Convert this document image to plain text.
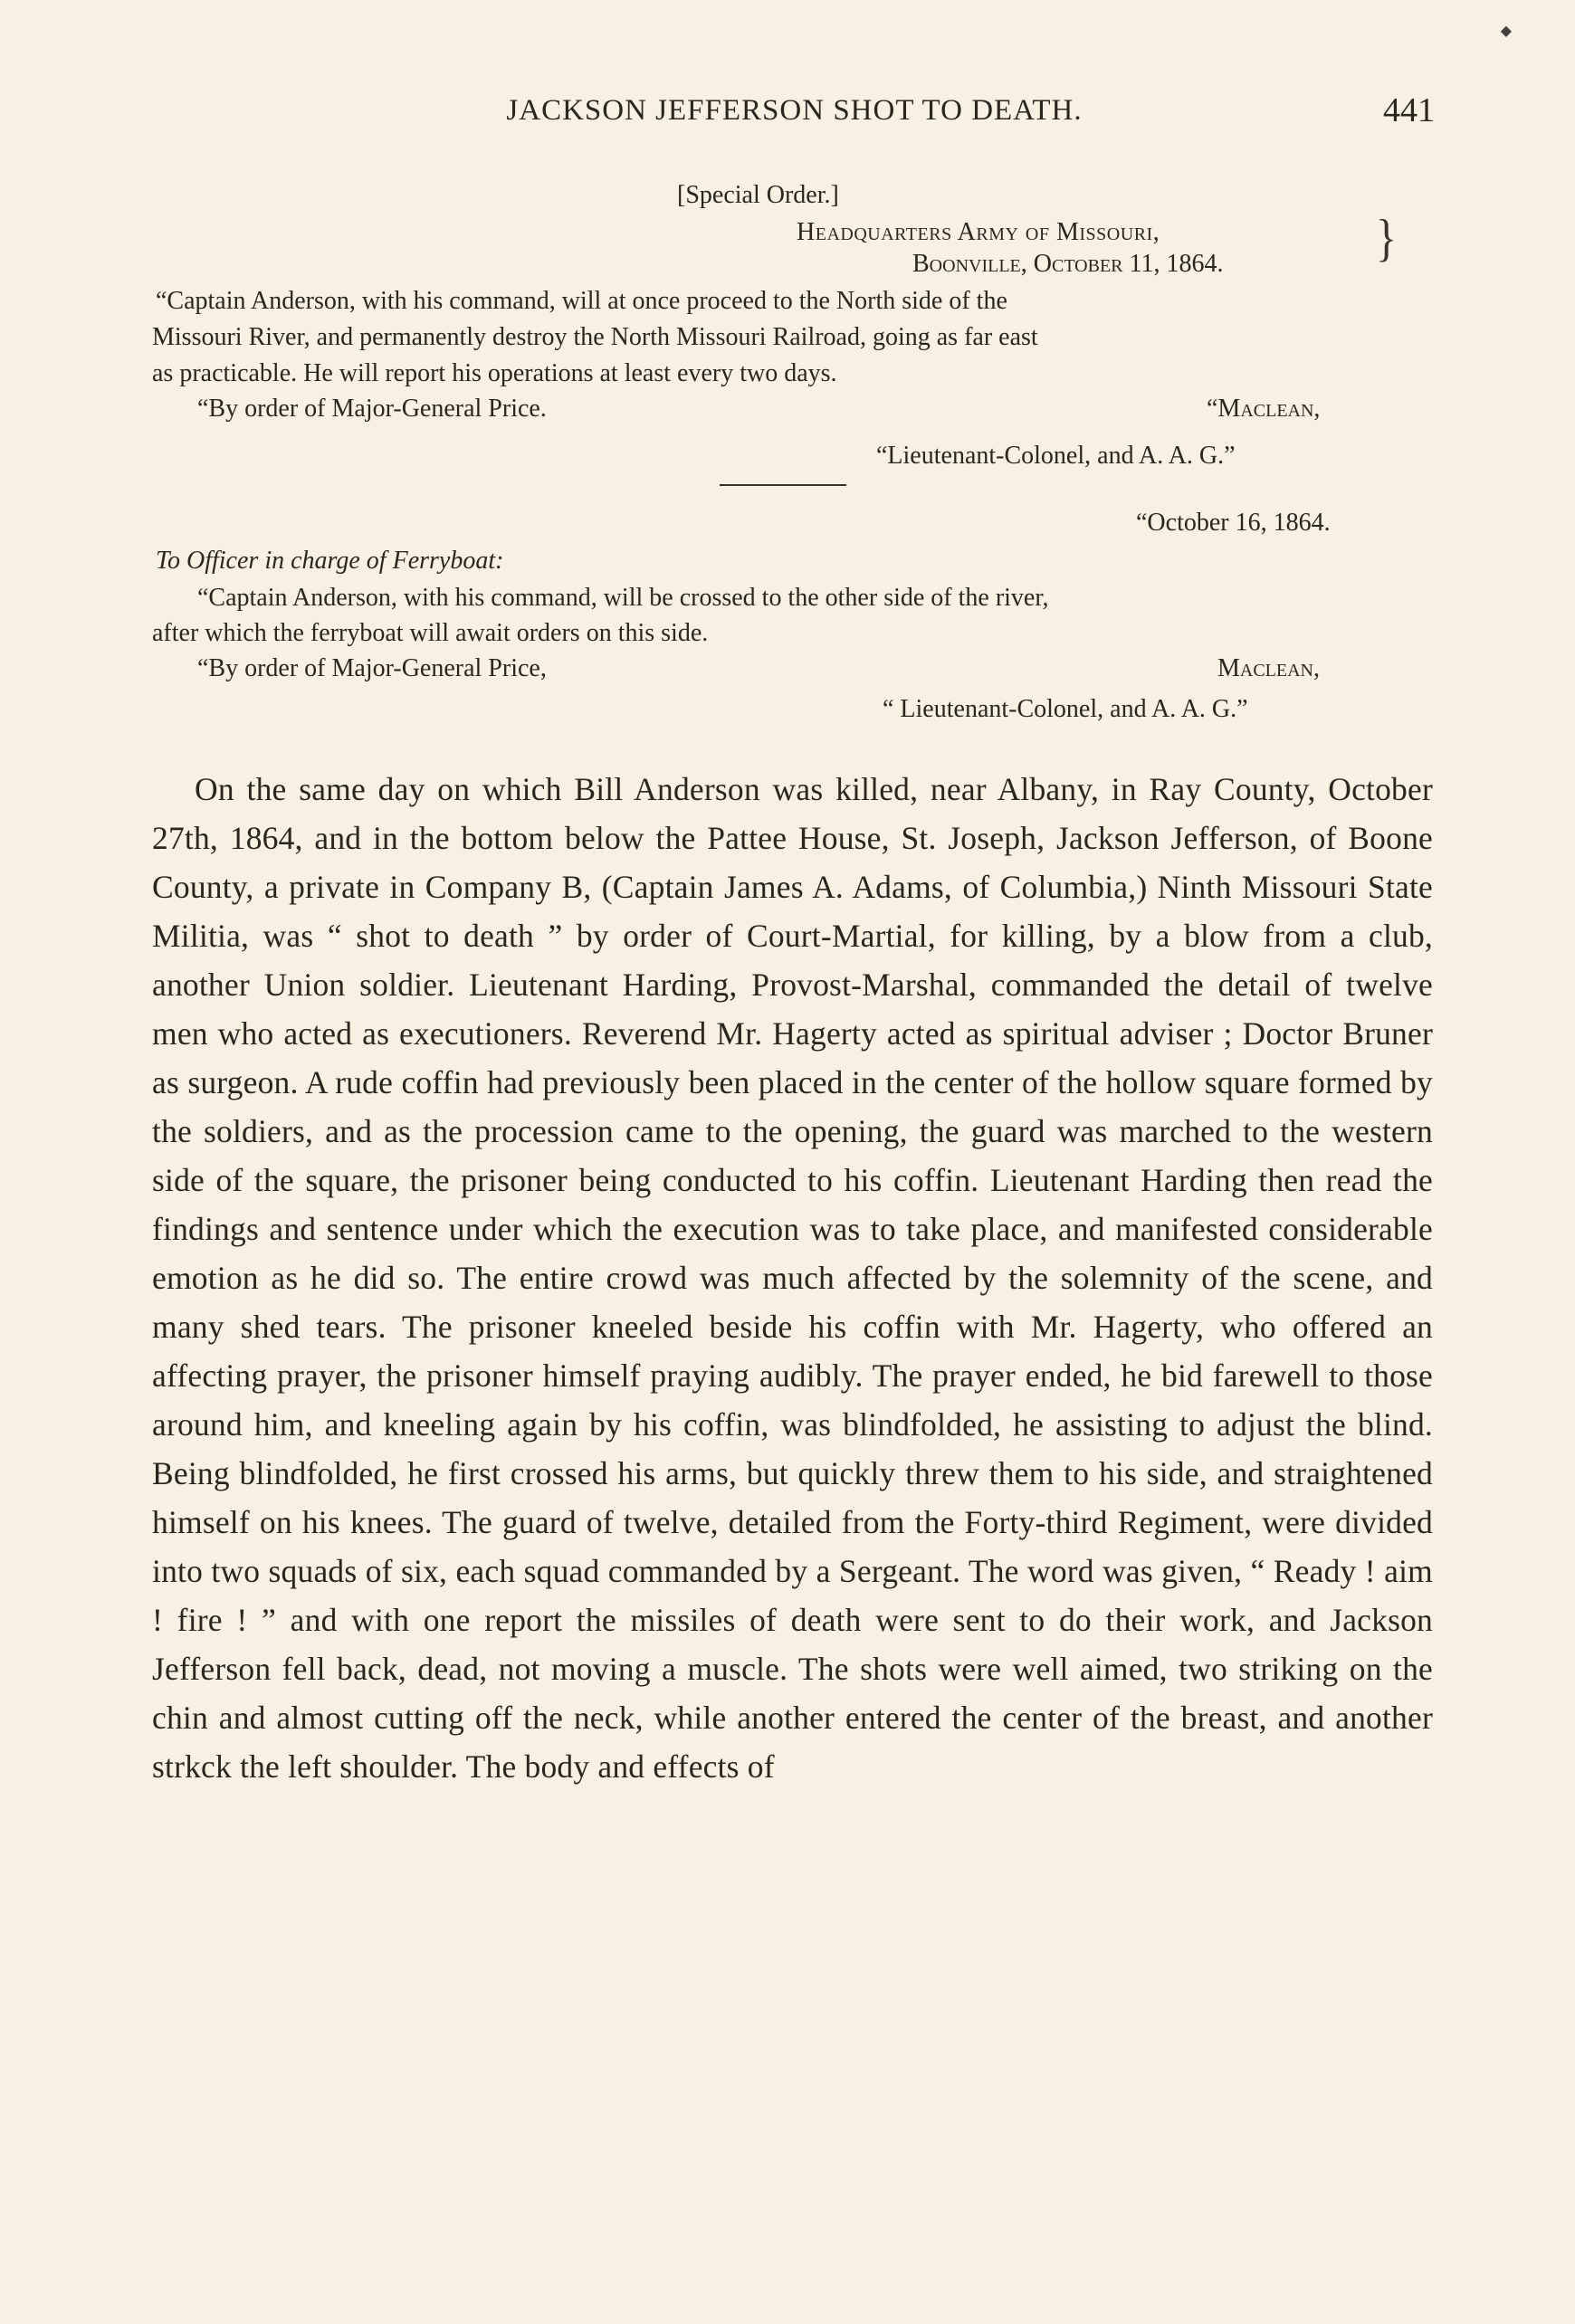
◆
JACKSON JEFFERSON SHOT TO DEATH.	441
[Special Order.]
Headquarters Army of Missouri,
Boonville, October 11, 1864.	}
“Captain Anderson, with his command, will at once proceed to the North side of the
Missouri River, and permanently destroy the North Missouri Railroad, going as far east
as practicable. He will report his operations at least every two days.
“By order of Major-General Price.	“Maclean,
“Lieutenant-Colonel, and A. A. G.”
“October 16, 1864.
To Officer in charge of Ferryboat:
“Captain Anderson, with his command, will be crossed to the other side of the river,
after which the ferryboat will await orders on this side.
“By order of Major-General Price,	Maclean,
“ Lieutenant-Colonel, and A. A. G.”

On the same day on which Bill Anderson was killed, near Albany, in Ray County, October 27th, 1864, and in the bottom below the Pattee House, St. Joseph, Jackson Jefferson, of Boone County, a private in Company B, (Captain James A. Adams, of Columbia,) Ninth Missouri State Militia, was “ shot to death ” by order of Court-Martial, for killing, by a blow from a club, another Union soldier. Lieutenant Harding, Provost-Marshal, commanded the detail of twelve men who acted as executioners. Reverend Mr. Hagerty acted as spiritual adviser ; Doctor Bruner as surgeon. A rude coffin had previously been placed in the center of the hollow square formed by the soldiers, and as the procession came to the opening, the guard was marched to the western side of the square, the prisoner being conducted to his coffin. Lieutenant Harding then read the findings and sentence under which the execution was to take place, and manifested considerable emotion as he did so. The entire crowd was much affected by the solemnity of the scene, and many shed tears. The prisoner kneeled beside his coffin with Mr. Hagerty, who offered an affecting prayer, the prisoner himself praying audibly. The prayer ended, he bid farewell to those around him, and kneeling again by his coffin, was blindfolded, he assisting to adjust the blind. Being blindfolded, he first crossed his arms, but quickly threw them to his side, and straightened himself on his knees. The guard of twelve, detailed from the Forty-third Regiment, were divided into two squads of six, each squad commanded by a Sergeant. The word was given, “ Ready ! aim ! fire ! ” and with one report the missiles of death were sent to do their work, and Jackson Jefferson fell back, dead, not moving a muscle. The shots were well aimed, two striking on the chin and almost cutting off the neck, while another entered the center of the breast, and another strkck the left shoulder. The body and effects of
